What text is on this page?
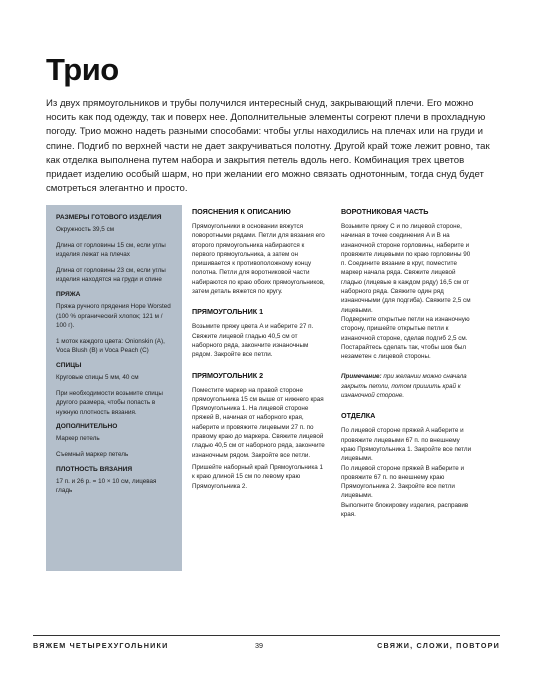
Трио

Из двух прямоугольников и трубы получился интересный снуд, закрывающий плечи. Его можно носить как под одежду, так и поверх нее. Дополнительные элементы согреют плечи в прохладную погоду. Трио можно надеть разными способами: чтобы углы находились на плечах или на груди и спине. Подгиб по верхней части не дает закручиваться полотну. Другой край тоже лежит ровно, так как отделка выполнена путем набора и закрытия петель вдоль него. Комбинация трех цветов придает изделию особый шарм, но при желании его можно связать однотонным, тогда снуд будет смотреться элегантно и просто.

РАЗМЕРЫ ГОТОВОГО ИЗДЕЛИЯ

Окружность 39,5 см

Длина от горловины 15 см, если углы изделия лежат на плечах

Длина от горловины 23 см, если углы изделия находятся на груди и спине

ПРЯЖА

Пряжа ручного прядения Hope Worsted (100 % органический хлопок; 121 м / 100 г).

1 моток каждого цвета: Onionskin (A), Voca Blush (B) и Voca Peach (C)

СПИЦЫ

Круговые спицы 5 мм, 40 см

При необходимости возьмите спицы другого размера, чтобы попасть в нужную плотность вязания.

ДОПОЛНИТЕЛЬНО

Маркер петель

Съемный маркер петель

ПЛОТНОСТЬ ВЯЗАНИЯ

17 п. и 26 р. = 10 × 10 см, лицевая гладь

ПОЯСНЕНИЯ К ОПИСАНИЮ

Прямоугольники в основании вяжутся поворотными рядами. Петли для вязания его второго прямоугольника набираются к первого прямоугольника, а затем он пришивается к противоположному концу полотна. Петли для воротниковой части набираются по краю обоих прямоугольников, затем деталь вяжется по кругу.

ПРЯМОУГОЛЬНИК 1

Возьмите пряжу цвета A и наберите 27 п. Свяжите лицевой гладью 40,5 см от наборного ряда, закончите изнаночным рядом. Закройте все петли.

ПРЯМОУГОЛЬНИК 2

Поместите маркер на правой стороне прямоугольника 15 см выше от нижнего края Прямоугольника 1. На лицевой стороне пряжей B, начиная от наборного края, наберите и провяжите лицевыми 27 п. по правому краю до маркера. Свяжите лицевой гладью 40,5 см от наборного ряда, закончите изнаночным рядом. Закройте все петли.

Пришейте наборный край Прямоугольника 1 к краю длиной 15 см по левому краю Прямоугольника 2.

ВОРОТНИКОВАЯ ЧАСТЬ

Возьмите пряжу C и по лицевой стороне, начиная в точке соединения A и B на изнаночной стороне горловины, наберите и провяжите лицевыми по краю горловины 90 п. Соедините вязание в круг, поместите маркер начала ряда. Свяжите лицевой гладью (лицевые в каждом ряду) 16,5 см от наборного ряда. Свяжите один ряд изнаночными (для подгиба). Свяжите 2,5 см лицевыми.

Подверните открытые петли на изнаночную сторону, пришейте открытые петли к изнаночной стороне, сделав подгиб 2,5 см. Постарайтесь сделать так, чтобы шов был незаметен с лицевой стороны.

Примечание: при желании можно сначала закрыть петли, потом пришить край к изнаночной стороне.

ОТДЕЛКА

По лицевой стороне пряжей A наберите и провяжите лицевыми 67 п. по внешнему краю Прямоугольника 1. Закройте все петли лицевыми.

По лицевой стороне пряжей B наберите и провяжите 67 п. по внешнему краю Прямоугольника 2. Закройте все петли лицевыми.

Выполните блокировку изделия, расправив края.

ВЯЖЕМ ЧЕТЫРЕХУГОЛЬНИКИ	39	СВЯЖИ, СЛОЖИ, ПОВТОРИ
